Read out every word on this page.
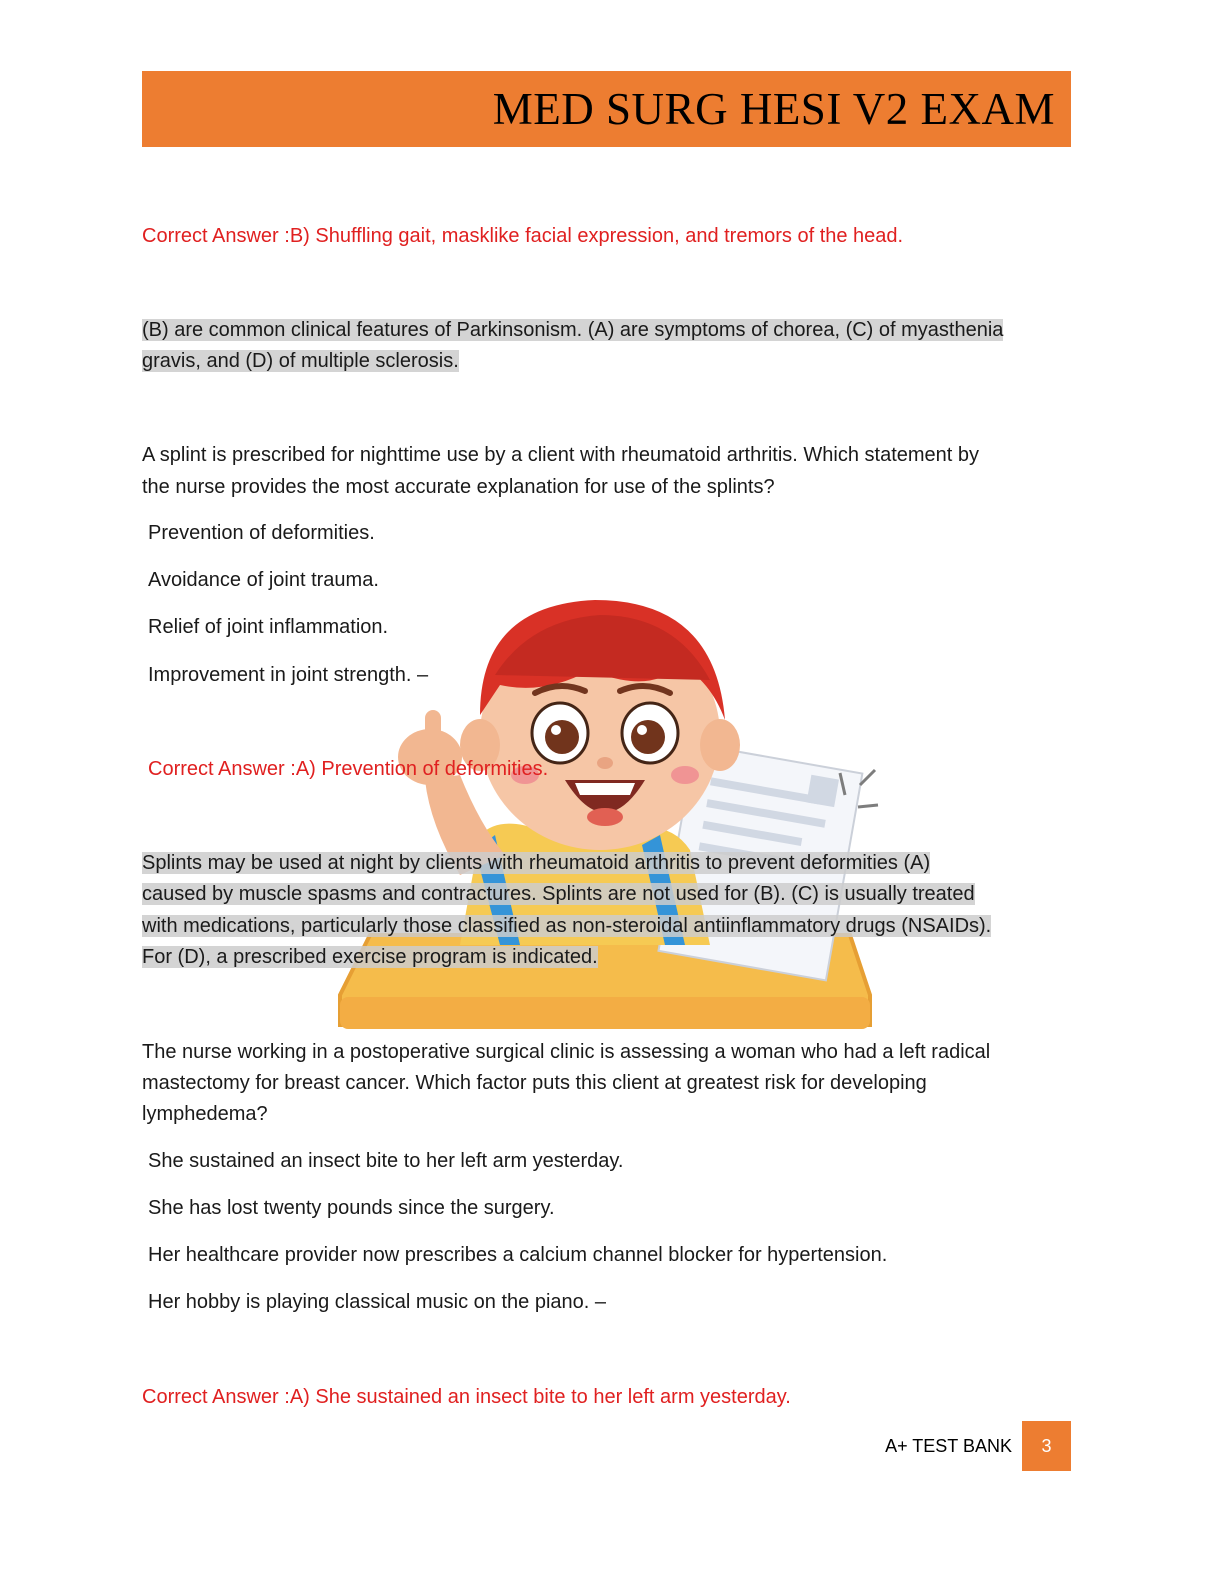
MED SURG HESI V2 EXAM
Correct Answer :B) Shuffling gait, masklike facial expression, and tremors of the head.
(B) are common clinical features of Parkinsonism. (A) are symptoms of chorea, (C) of myasthenia
gravis, and (D) of multiple sclerosis.
A splint is prescribed for nighttime use by a client with rheumatoid arthritis. Which statement by
the nurse provides the most accurate explanation for use of the splints?
Prevention of deformities.
Avoidance of joint trauma.
Relief of joint inflammation.
Improvement in joint strength. –
Correct Answer :A) Prevention of deformities.
Splints may be used at night by clients with rheumatoid arthritis to prevent deformities (A)
caused by muscle spasms and contractures. Splints are not used for (B). (C) is usually treated
with medications, particularly those classified as non-steroidal antiinflammatory drugs (NSAIDs).
For (D), a prescribed exercise program is indicated.
The nurse working in a postoperative surgical clinic is assessing a woman who had a left radical
mastectomy for breast cancer. Which factor puts this client at greatest risk for developing
lymphedema?
She sustained an insect bite to her left arm yesterday.
She has lost twenty pounds since the surgery.
Her healthcare provider now prescribes a calcium channel blocker for hypertension.
Her hobby is playing classical music on the piano. –
Correct Answer :A) She sustained an insect bite to her left arm yesterday.
A+ TEST BANK	3
